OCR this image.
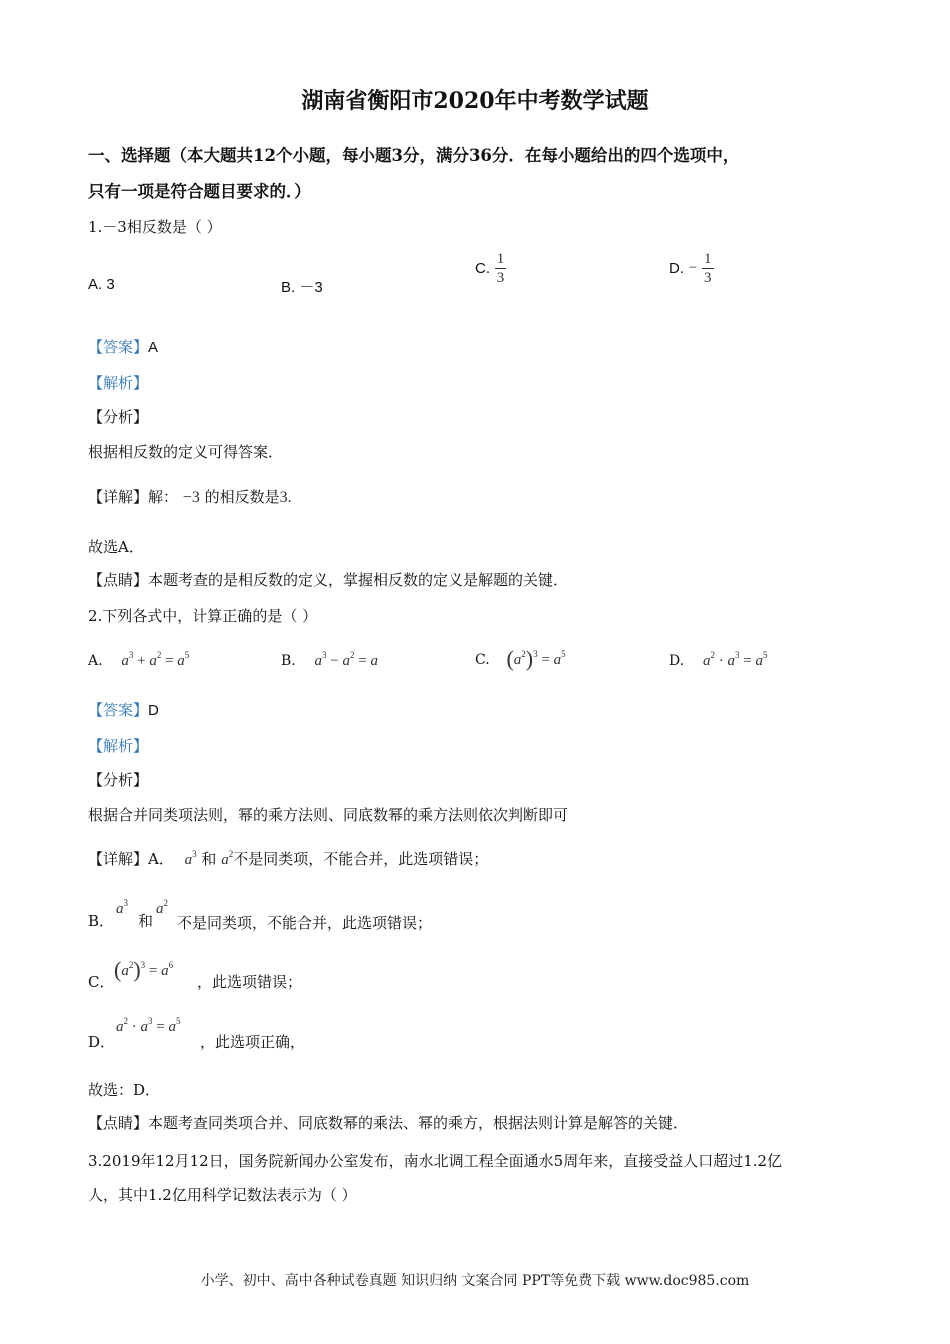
湖南省衡阳市2020年中考数学试题
一、选择题（本大题共12个小题，每小题3分，满分36分．在每小题给出的四个选项中，
只有一项是符合题目要求的．）
1.－3相反数是（ ）
A. 3	B. －3
C. $\frac{1}{3}$	D. − $\frac{1}{3}$
【答案】A
【解析】
【分析】
根据相反数的定义可得答案．
【详解】解： −3 的相反数是3.
故选A．
【点睛】本题考查的是相反数的定义，掌握相反数的定义是解题的关键．
2.下列各式中，计算正确的是（ ）
A. $a^3 + a^2 = a^5$	B. $a^3 - a^2 = a$	C. $(a^2)^3 = a^5$	D. $a^2 \cdot a^3 = a^5$
【答案】D
【解析】
【分析】
根据合并同类项法则，幂的乘方法则、同底数幂的乘方法则依次判断即可
【详解】A． $a^3$ 和 $a^2$不是同类项，不能合并，此选项错误；
B．
$a^3$
和
$a^2$
不是同类项，不能合并，此选项错误；
C． $(a^2)^3 = a^6$
，此选项错误；
D．
$a^2 \cdot a^3 = a^5$
，此选项正确，
故选：D．
【点睛】本题考查同类项合并、同底数幂的乘法、幂的乘方，根据法则计算是解答的关键．
3.2019年12月12日，国务院新闻办公室发布，南水北调工程全面通水5周年来，直接受益人口超过1.2亿
人，其中1.2亿用科学记数法表示为（ ）
小学、初中、高中各种试卷真题 知识归纳 文案合同 PPT等免费下载 www.doc985.com
